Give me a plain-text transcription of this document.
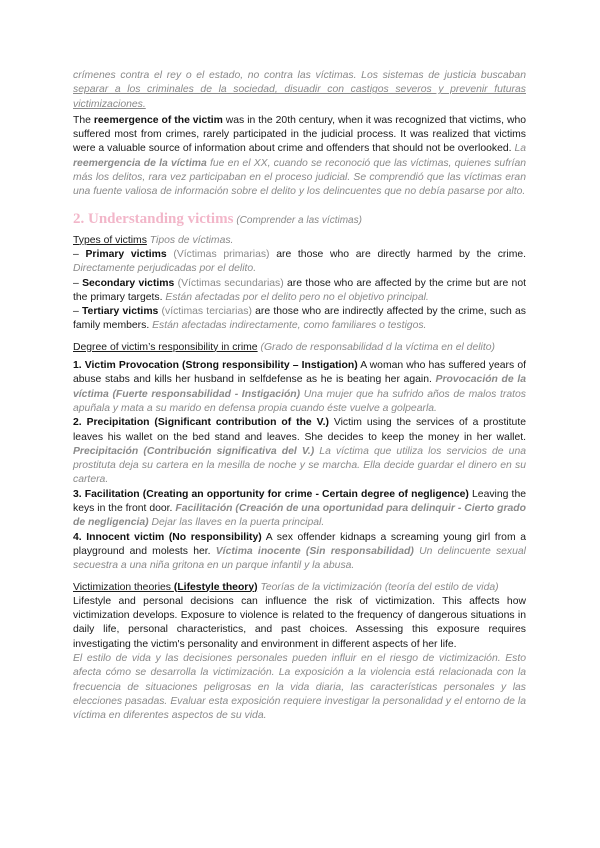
crímenes contra el rey o el estado, no contra las víctimas. Los sistemas de justicia buscaban separar a los criminales de la sociedad, disuadir con castigos severos y prevenir futuras victimizaciones.

The reemergence of the victim was in the 20th century, when it was recognized that victims, who suffered most from crimes, rarely participated in the judicial process. It was realized that victims were a valuable source of information about crime and offenders that should not be overlooked. La reemergencia de la víctima fue en el XX, cuando se reconoció que las víctimas, quienes sufrían más los delitos, rara vez participaban en el proceso judicial. Se comprendió que las víctimas eran una fuente valiosa de información sobre el delito y los delincuentes que no debía pasarse por alto.

2. Understanding victims (Comprender a las víctimas)

Types of victims Tipos de víctimas.

– Primary victims (Víctimas primarias) are those who are directly harmed by the crime. Directamente perjudicadas por el delito.

– Secondary victims (Víctimas secundarias) are those who are affected by the crime but are not the primary targets. Están afectadas por el delito pero no el objetivo principal.

– Tertiary victims (víctimas terciarias) are those who are indirectly affected by the crime, such as family members. Están afectadas indirectamente, como familiares o testigos.

Degree of victim’s responsibility in crime (Grado de responsabilidad d la víctima en el delito)

1. Victim Provocation (Strong responsibility – Instigation) A woman who has suffered years of abuse stabs and kills her husband in selfdefense as he is beating her again. Provocación de la víctima (Fuerte responsabilidad - Instigación) Una mujer que ha sufrido años de malos tratos apuñala y mata a su marido en defensa propia cuando éste vuelve a golpearla.

2. Precipitation (Significant contribution of the V.) Victim using the services of a prostitute leaves his wallet on the bed stand and leaves. She decides to keep the money in her wallet. Precipitación (Contribución significativa del V.) La víctima que utiliza los servicios de una prostituta deja su cartera en la mesilla de noche y se marcha. Ella decide guardar el dinero en su cartera.

3. Facilitation (Creating an opportunity for crime - Certain degree of negligence) Leaving the keys in the front door. Facilitación (Creación de una oportunidad para delinquir - Cierto grado de negligencia) Dejar las llaves en la puerta principal.

4. Innocent victim (No responsibility) A sex offender kidnaps a screaming young girl from a playground and molests her. Víctima inocente (Sin responsabilidad) Un delincuente sexual secuestra a una niña gritona en un parque infantil y la abusa.

Victimization theories (Lifestyle theory) Teorías de la victimización (teoría del estilo de vida)

Lifestyle and personal decisions can influence the risk of victimization. This affects how victimization develops. Exposure to violence is related to the frequency of dangerous situations in daily life, personal characteristics, and past choices. Assessing this exposure requires investigating the victim's personality and environment in different aspects of her life.

El estilo de vida y las decisiones personales pueden influir en el riesgo de victimización. Esto afecta cómo se desarrolla la victimización. La exposición a la violencia está relacionada con la frecuencia de situaciones peligrosas en la vida diaria, las características personales y las elecciones pasadas. Evaluar esta exposición requiere investigar la personalidad y el entorno de la víctima en diferentes aspectos de su vida.
